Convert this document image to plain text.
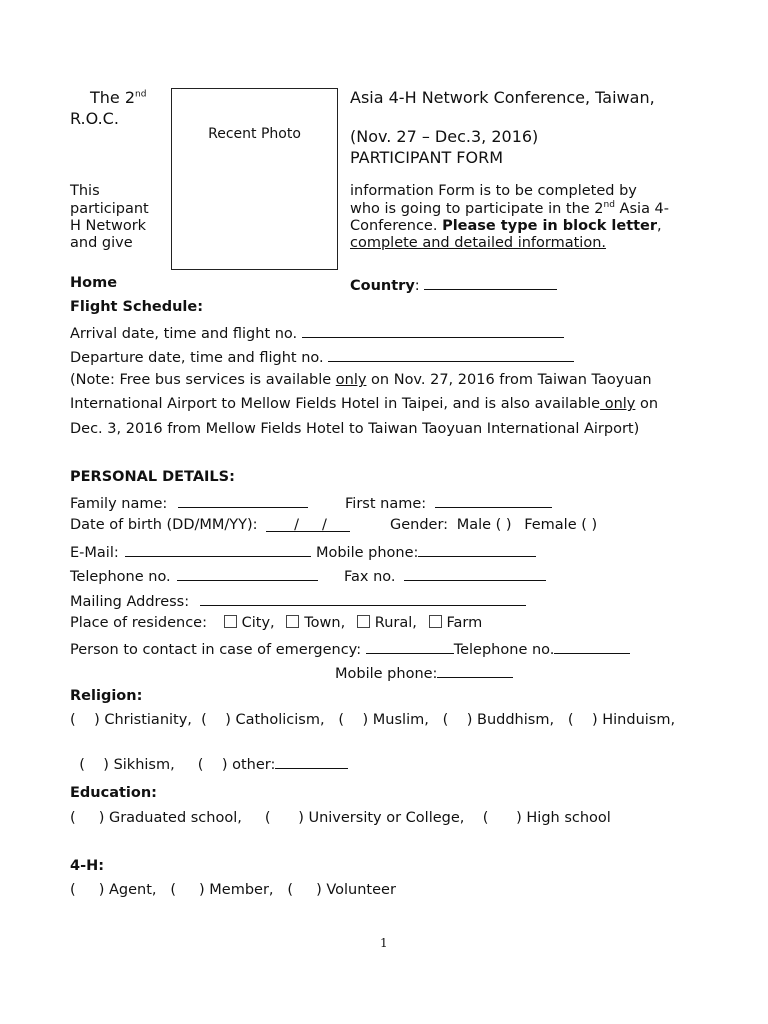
The 2nd
R.O.C.
Recent Photo
Asia 4-H Network Conference, Taiwan,
(Nov. 27 – Dec.3, 2016)
PARTICIPANT FORM
This
participant
H Network
and give
information Form is to be completed by
who is going to participate in the 2nd Asia 4-
Conference. Please type in block letter,
complete and detailed information.
Home	Country:
Flight Schedule:
Arrival date, time and flight no.
Departure date, time and flight no.
(Note: Free bus services is available only on Nov. 27, 2016 from Taiwan Taoyuan
International Airport to Mellow Fields Hotel in Taipei, and is also available only on
Dec. 3, 2016 from Mellow Fields Hotel to Taiwan Taoyuan International Airport)
PERSONAL DETAILS:
Family name:	First name:
Date of birth (DD/MM/YY):	/ /	Gender: Male ( ) Female ( )
E-Mail:	Mobile phone:
Telephone no.	Fax no.
Mailing Address:
Place of residence: City, Town, Rural, Farm
Person to contact in case of emergency:	Telephone no.
Mobile phone:
Religion:
(    ) Christianity,  (    ) Catholicism,   (    ) Muslim,   (    ) Buddhism,   (    ) Hinduism,

(    ) Sikhism,     (    ) other:

Education:
(     ) Graduated school,     (      ) University or College,    (      ) High school
4-H:
(     ) Agent,   (     ) Member,   (     ) Volunteer
1
